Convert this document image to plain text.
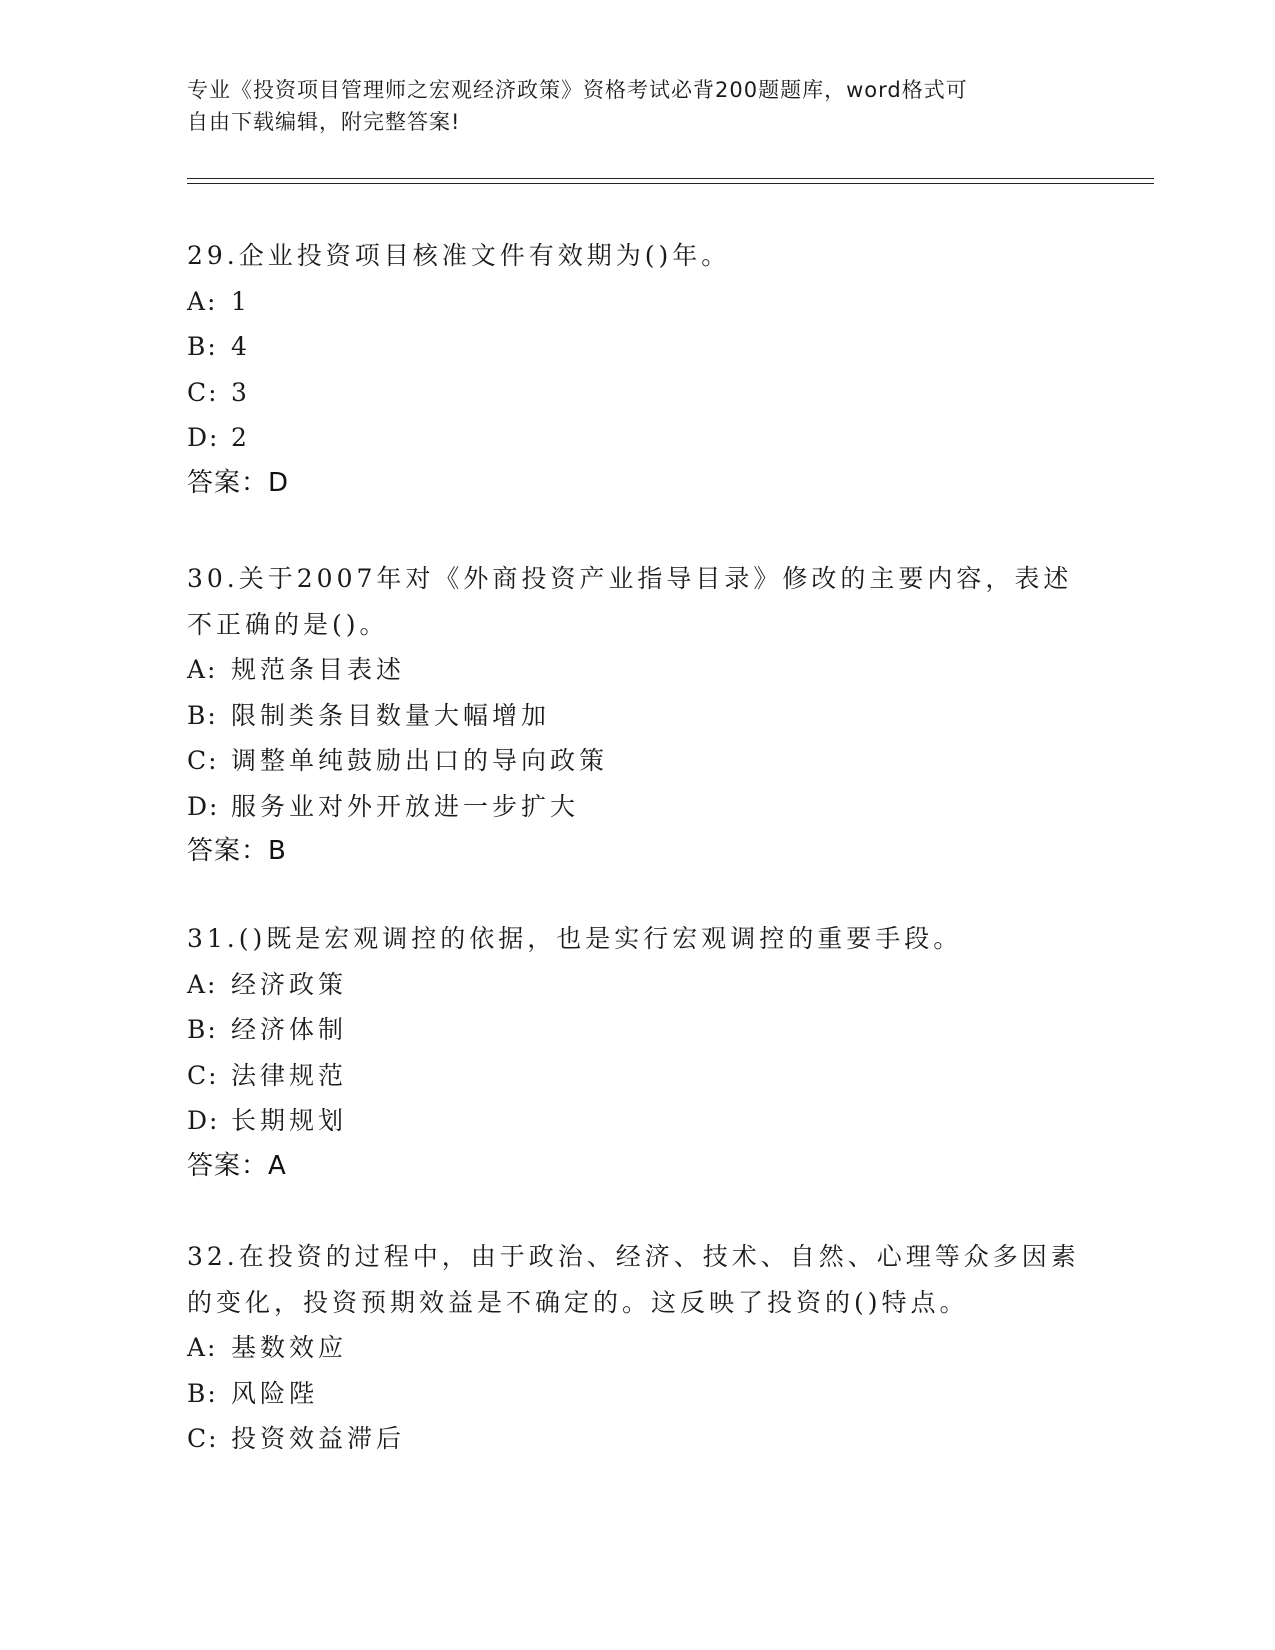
专业《投资项目管理师之宏观经济政策》资格考试必背200题题库，word格式可
自由下载编辑，附完整答案!
29.企业投资项目核准文件有效期为()年。
A: 1
B: 4
C: 3
D: 2
答案：D
30.关于2007年对《外商投资产业指导目录》修改的主要内容，表述
不正确的是()。
A: 规范条目表述
B: 限制类条目数量大幅增加
C: 调整单纯鼓励出口的导向政策
D: 服务业对外开放进一步扩大
答案：B
31.()既是宏观调控的依据，也是实行宏观调控的重要手段。
A: 经济政策
B: 经济体制
C: 法律规范
D: 长期规划
答案：A
32.在投资的过程中，由于政治、经济、技术、自然、心理等众多因素
的变化，投资预期效益是不确定的。这反映了投资的()特点。
A: 基数效应
B: 风险陛
C: 投资效益滞后
